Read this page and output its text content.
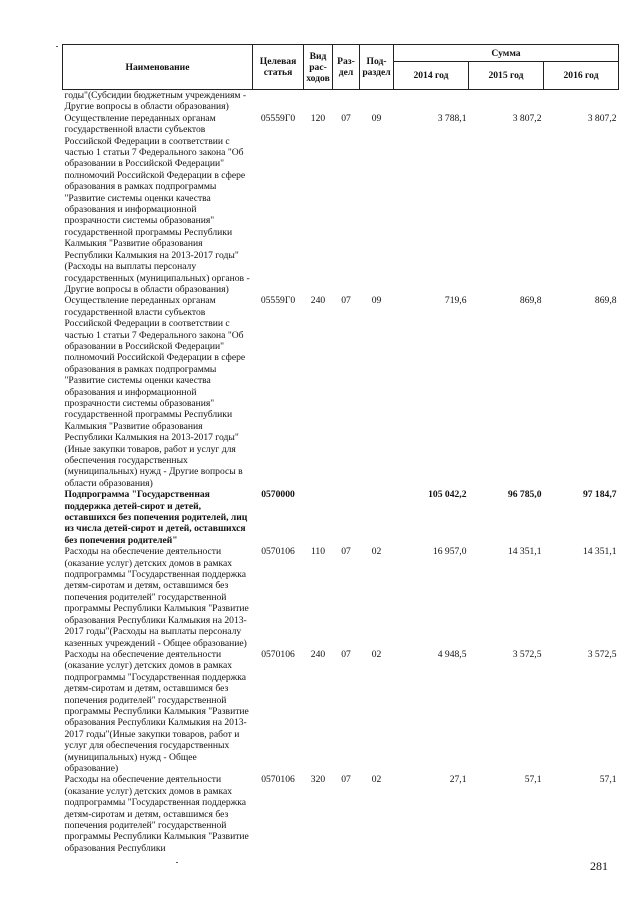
Наименование	Целевая статья	Вид рас-ходов	Раз-дел	Под-раздел	Сумма		
					2014 год	2015 год	2016 год
годы"(Субсидии бюджетным учреждениям - Другие вопросы в области образования)							
Осуществление переданных органам государственной власти субъектов Российской Федерации в соответствии с частью 1 статьи 7 Федерального закона "Об образовании в Российской Федерации" полномочий Российской Федерации в сфере образования в рамках подпрограммы "Развитие системы оценки качества образования и информационной прозрачности системы образования" государственной программы Республики Калмыкия "Развитие образования Республики Калмыкия на 2013-2017 годы"(Расходы на выплаты персоналу государственных (муниципальных) органов - Другие вопросы в области образования)	05559Г0	120	07	09	3 788,1	3 807,2	3 807,2
Осуществление переданных органам государственной власти субъектов Российской Федерации в соответствии с частью 1 статьи 7 Федерального закона "Об образовании в Российской Федерации" полномочий Российской Федерации в сфере образования в рамках подпрограммы "Развитие системы оценки качества образования и информационной прозрачности системы образования" государственной программы Республики Калмыкия "Развитие образования Республики Калмыкия на 2013-2017 годы"(Иные закупки товаров, работ и услуг для обеспечения государственных (муниципальных) нужд - Другие вопросы в области образования)	05559Г0	240	07	09	719,6	869,8	869,8
Подпрограмма "Государственная поддержка детей-сирот и детей, оставшихся без попечения родителей, лиц из числа детей-сирот и детей, оставшихся без попечения родителей"	0570000				105 042,2	96 785,0	97 184,7
Расходы на обеспечение деятельности (оказание услуг) детских домов в рамках подпрограммы "Государственная поддержка детям-сиротам и детям, оставшимся без попечения родителей" государственной программы Республики Калмыкия "Развитие образования Республики Калмыкия на 2013-2017 годы"(Расходы на выплаты персоналу казенных учреждений - Общее образование)	0570106	110	07	02	16 957,0	14 351,1	14 351,1
Расходы на обеспечение деятельности (оказание услуг) детских домов в рамках подпрограммы "Государственная поддержка детям-сиротам и детям, оставшимся без попечения родителей" государственной программы Республики Калмыкия "Развитие образования Республики Калмыкия на 2013-2017 годы"(Иные закупки товаров, работ и услуг для обеспечения государственных (муниципальных) нужд - Общее образование)	0570106	240	07	02	4 948,5	3 572,5	3 572,5
Расходы на обеспечение деятельности (оказание услуг) детских домов в рамках подпрограммы "Государственная поддержка детям-сиротам и детям, оставшимся без попечения родителей" государственной программы Республики Калмыкия "Развитие образования Республики	0570106	320	07	02	27,1	57,1	57,1
281
